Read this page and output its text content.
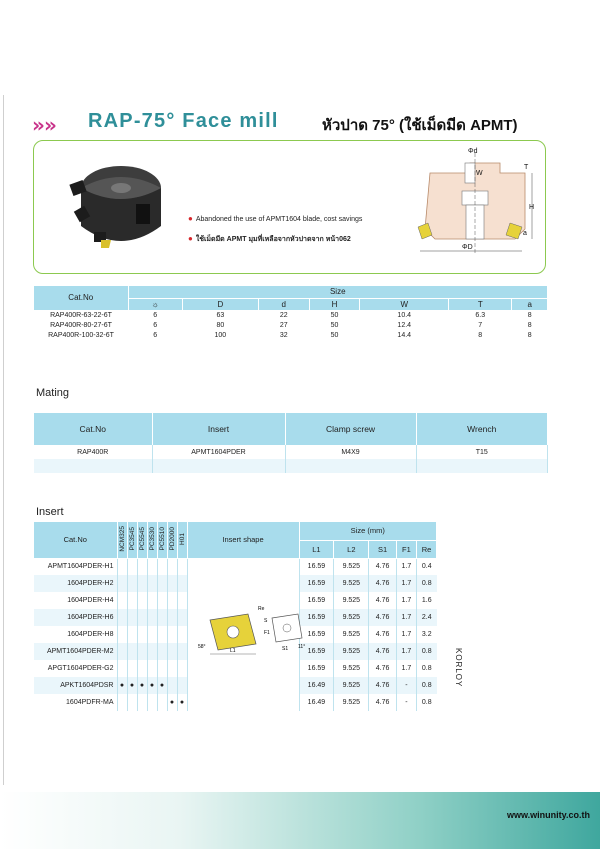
» » RAP-75° Face mill	หัวปาด 75° (ใช้เม็ดมีด APMT)
● Abandoned the use of APMT1604 blade, cost savings
● ใช้เม็ดมีด APMT มุมที่เหลือจากหัวปาดจาก หน้า062
Φd
W
T
H
a
ΦD
Cat.No	Size						
	☼	D	d	H	W	T	a
RAP400R-63-22-6T	6	63	22	50	10.4	6.3	8
RAP400R-80-27-6T	6	80	27	50	12.4	7	8
RAP400R-100-32-6T	6	100	32	50	14.4	8	8
Mating
Cat.No	Insert	Clamp screw	Wrench
RAP400R	APMT1604PDER	M4X9	T15

Insert
Cat.No	NCM325	PC3545	PC5545	PC3530	PC5510	PD2000	H01	Insert shape	Size (mm)				
									L1	L2	S1	F1	Re
APMT1604PDER-H1									16.59	9.525	4.76	1.7	0.4
1604PDER-H2									16.59	9.525	4.76	1.7	0.8
1604PDER-H4									16.59	9.525	4.76	1.7	1.6
1604PDER-H6									16.59	9.525	4.76	1.7	2.4
1604PDER-H8									16.59	9.525	4.76	1.7	3.2
APMT1604PDER-M2									16.59	9.525	4.76	1.7	0.8
APGT1604PDER-G2									16.59	9.525	4.76	1.7	0.8
APKT1604PDSR	●	●	●	●	●				16.49	9.525	4.76	-	0.8
1604PDFR-MA						●	●		16.49	9.525	4.76	-	0.8
Re
S
F1
11°
L1	S1
58°
KORLOY
www.winunity.co.th
